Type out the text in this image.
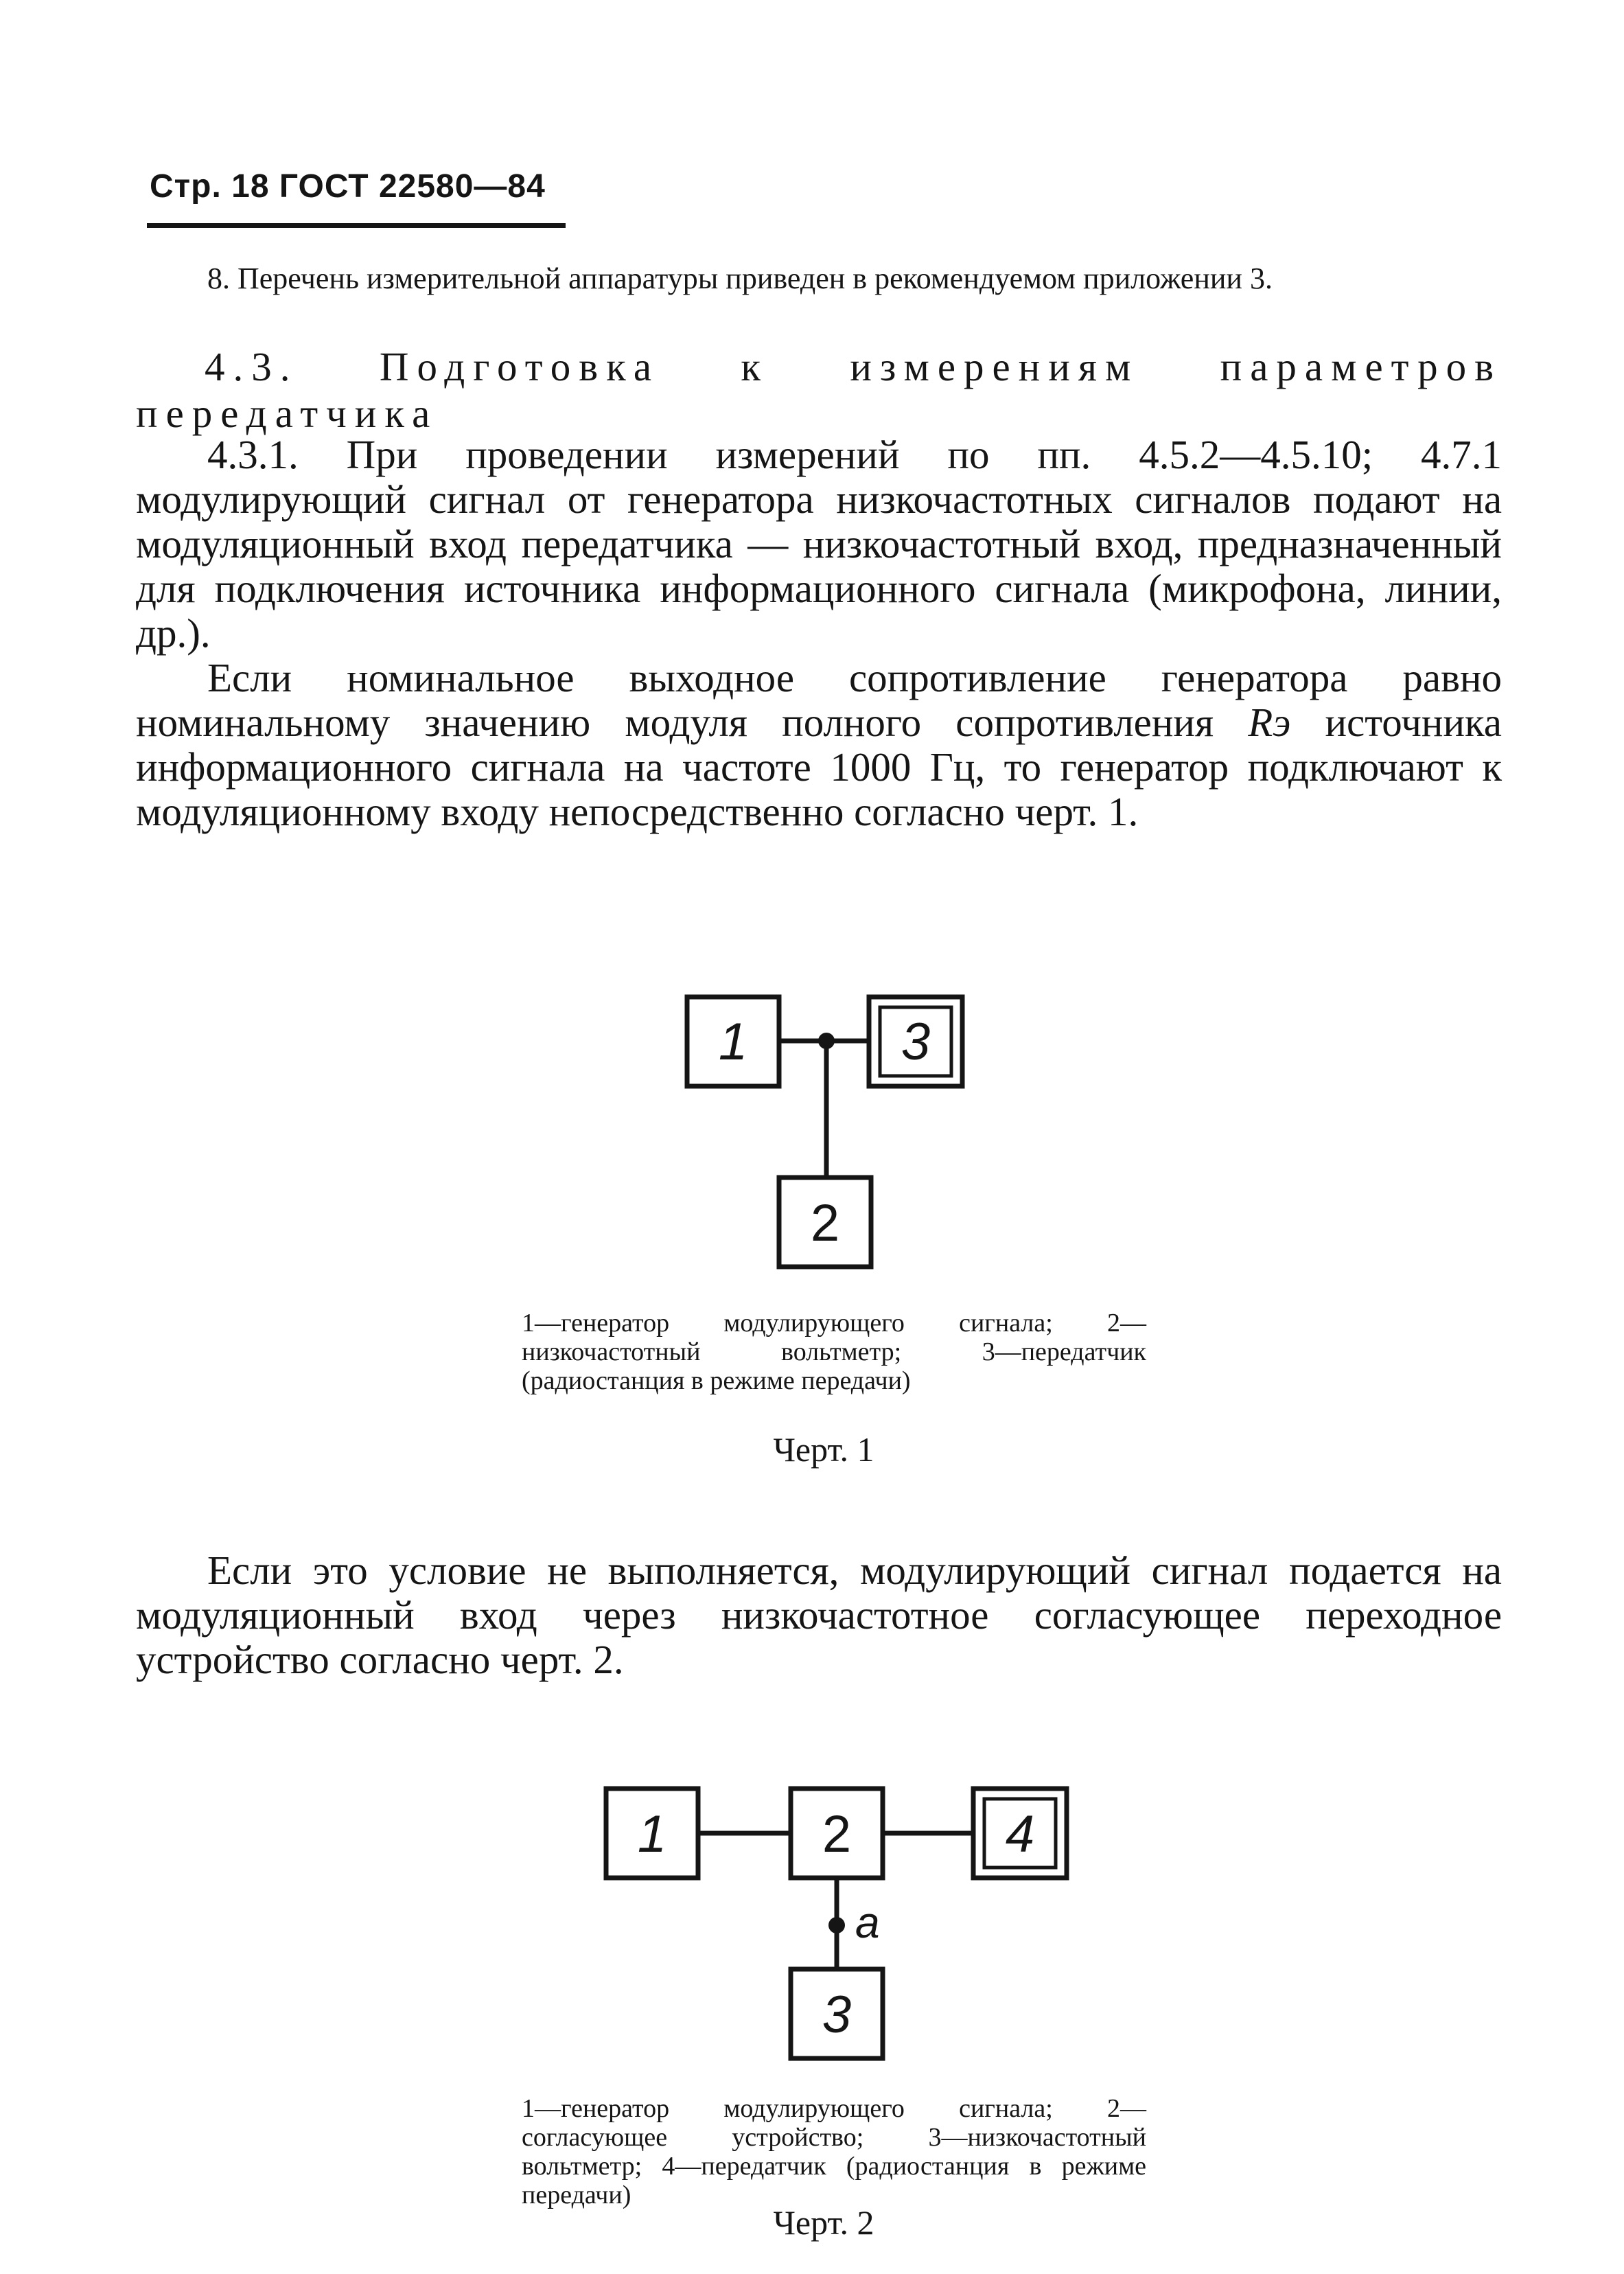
Стр. 18 ГОСТ 22580—84
8. Перечень измерительной аппаратуры приведен в рекомендуемом приложении 3.
4.3. Подготовка к измерениям параметров передатчика
4.3.1. При проведении измерений по пп. 4.5.2—4.5.10; 4.7.1 модулирующий сигнал от генератора низкочастотных сигналов подают на модуляционный вход передатчика — низкочастотный вход, предназначенный для подключения источника информационного сигнала (микрофона, линии, др.).
Если номинальное выходное сопротивление генератора равно номинальному значению модуля полного сопротивления Rэ источника информационного сигнала на частоте 1000 Гц, то генератор подключают к модуляционному входу непосредственно согласно черт. 1.
1	3
2
1—генератор модулирующего сигнала; 2—низкочастотный вольтметр; 3—передатчик (радиостанция в режиме передачи)
Черт. 1
Если это условие не выполняется, модулирующий сигнал подается на модуляционный вход через низкочастотное согласующее переходное устройство согласно черт. 2.
a
1	2	4
3
1—генератор модулирующего сигнала; 2—согласующее устройство; 3—низкочастотный вольтметр; 4—передатчик (радиостанция в режиме передачи)
Черт. 2
